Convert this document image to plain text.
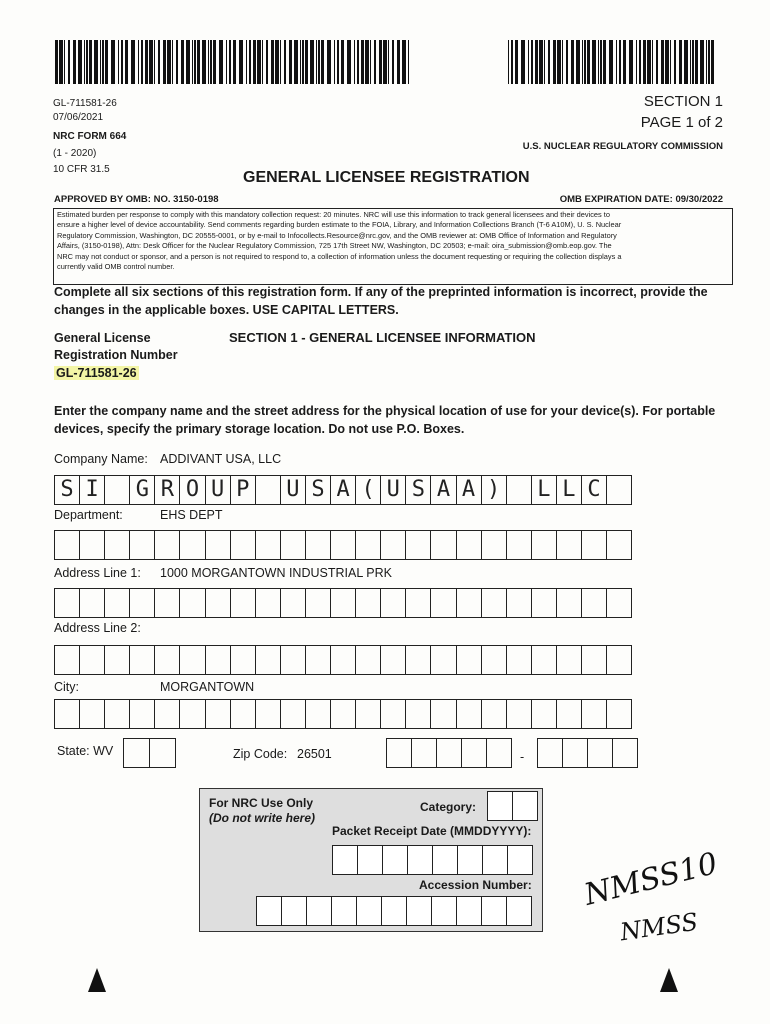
GL-711581-26
07/06/2021
NRC FORM 664
(1 - 2020)
10 CFR 31.5
SECTION 1
PAGE 1 of 2
U.S. NUCLEAR REGULATORY COMMISSION
GENERAL LICENSEE REGISTRATION
APPROVED BY OMB: NO. 3150-0198	OMB EXPIRATION DATE: 09/30/2022
Estimated burden per response to comply with this mandatory collection request: 20 minutes. NRC will use this information to track general licensees and their devices to
ensure a higher level of device accountability. Send comments regarding burden estimate to the FOIA, Library, and Information Collections Branch (T-6 A10M), U. S. Nuclear
Regulatory Commission, Washington, DC 20555-0001, or by e-mail to Infocollects.Resource@nrc.gov, and the OMB reviewer at: OMB Office of Information and Regulatory
Affairs, (3150-0198), Attn: Desk Officer for the Nuclear Regulatory Commission, 725 17th Street NW, Washington, DC 20503; e-mail: oira_submission@omb.eop.gov. The
NRC may not conduct or sponsor, and a person is not required to respond to, a collection of information unless the document requesting or requiring the collection displays a
currently valid OMB control number.
Complete all six sections of this registration form. If any of the preprinted information is incorrect, provide the changes in the applicable boxes. USE CAPITAL LETTERS.
General License
Registration Number
GL-711581-26
SECTION 1 - GENERAL LICENSEE INFORMATION
Enter the company name and the street address for the physical location of use for your device(s). For portable devices, specify the primary storage location. Do not use P.O. Boxes.
Company Name: ADDIVANT USA, LLC
S I G R O U P U S A ( U S A A ) L L C
Department:	EHS DEPT
Address Line 1: 1000 MORGANTOWN INDUSTRIAL PRK
Address Line 2:
City:	MORGANTOWN
State: WV	Zip Code: 26501	-
For NRC Use Only
(Do not write here)
Category:
Packet Receipt Date (MMDDYYYY):
Accession Number: NMSS10
NMSS
